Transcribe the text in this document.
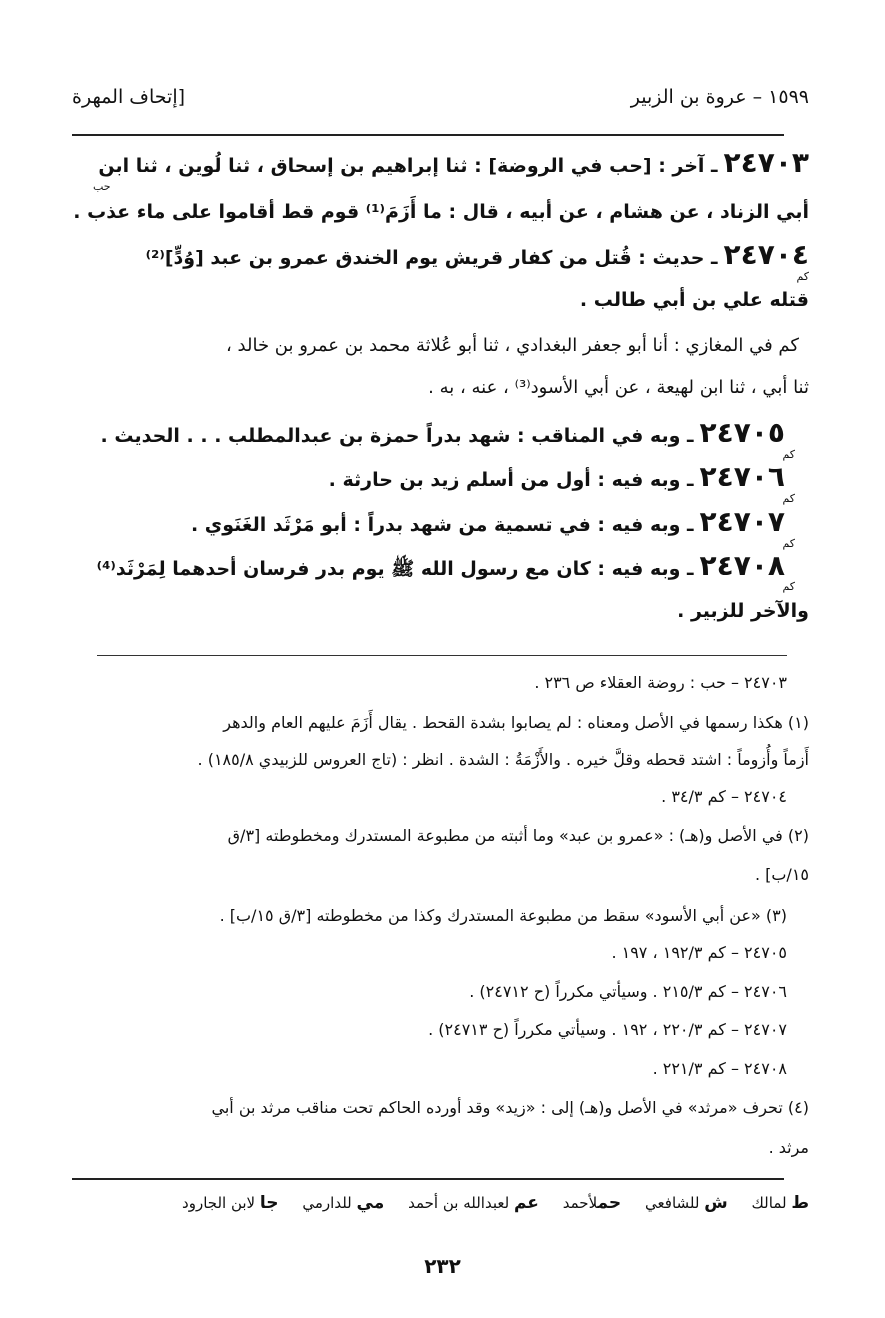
١٥٩٩ – عروة بن الزبير
[إتحاف المهرة
٢٤٧٠٣ـ آخر : [حب في الروضة] : ثنا إبراهيم بن إسحاق ، ثنا لُوين ، ثنا ابن
حب
أبي الزناد ، عن هشام ، عن أبيه ، قال : ما أَزَمَ⁽¹⁾ قوم قط أقاموا على ماء عذب .
٢٤٧٠٤ـ حديث : قُتل من كفار قريش يوم الخندق عمرو بن عبد [وُدٍّ]⁽²⁾
كم
قتله علي بن أبي طالب .
كم في المغازي : أنا أبو جعفر البغدادي ، ثنا أبو عُلاثة محمد بن عمرو بن خالد ،
ثنا أبي ، ثنا ابن لهيعة ، عن أبي الأسود⁽³⁾ ، عنه ، به .
٢٤٧٠٥ـ وبه في المناقب : شهد بدراً حمزة بن عبدالمطلب . . . الحديث .
كم
٢٤٧٠٦ـ وبه فيه : أول من أسلم زيد بن حارثة .
كم
٢٤٧٠٧ـ وبه فيه : في تسمية من شهد بدراً : أبو مَرْثَد الغَنَوي .
كم
٢٤٧٠٨ـ وبه فيه : كان مع رسول الله ﷺ يوم بدر فرسان أحدهما لِمَرْثَد⁽⁴⁾
كم
والآخر للزبير .
٢٤٧٠٣ – حب : روضة العقلاء ص ٢٣٦ .
(١) هكذا رسمها في الأصل ومعناه : لم يصابوا بشدة القحط . يقال أَزَمَ عليهم العام والدهر
أَزماً وأُزوماً : اشتد قحطه وقلَّ خيره . والأَزْمَةُ : الشدة . انظر : (تاج العروس للزبيدي ١٨٥/٨) .
٢٤٧٠٤ – كم ٣٤/٣ .
(٢) في الأصل و(هـ) : «عمرو بن عبد» وما أثبته من مطبوعة المستدرك ومخطوطته [٣/ق
١٥/ب] .
(٣) «عن أبي الأسود» سقط من مطبوعة المستدرك وكذا من مخطوطته [٣/ق ١٥/ب] .
٢٤٧٠٥ – كم ١٩٢/٣ ، ١٩٧ .
٢٤٧٠٦ – كم ٢١٥/٣ . وسيأتي مكرراً (ح ٢٤٧١٢) .
٢٤٧٠٧ – كم ٢٢٠/٣ ، ١٩٢ . وسيأتي مكرراً (ح ٢٤٧١٣) .
٢٤٧٠٨ – كم ٢٢١/٣ .
(٤) تحرف «مرثد» في الأصل و(هـ) إلى : «زيد» وقد أورده الحاكم تحت مناقب مرثد بن أبي
مرثد .
ط لمالك     ش للشافعي     حملأحمد     عم لعبدالله بن أحمد     مي للدارمي     جا لابن الجارود
٢٣٢
